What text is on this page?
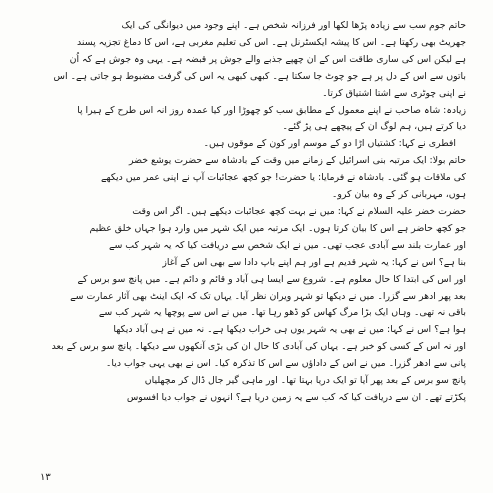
حاتم جوم سب سے زیادہ پڑھا لکھا اور فرزانہ شخص ہے۔ اپنے وجود میں دیوانگی کی ایک
جھریٹ بھی رکھتا ہے۔ اس کا پیشہ ایکسٹرنل ہے۔ اس کی تعلیم مغربی ہے، اس کا دماغ تجزیہ پسند
ہے لیکن اس کی ساری طاقت اس کے ان چھپے جذبے والے جوش پر قبضہ ہے۔ یہی وہ جوش ہے کہ اُن
باتوں سے اس کے دل پر ہے جو چوٹ جا سکتا ہے۔ کبھی کبھی یہ اس کی گرفت مضبوط ہو جاتی ہے۔ اس
نے اپنی چوٹری سے اشتا اشتیاق کرتا۔
زیادہ: شاہ صاحب نے اپنے معمول کے مطابق سب کو چھوڑا اور کیا عمدہ روز انہ اس طرح کے ہیرا پا
دیا کرتے ہیں، ہم لوگ ان کے پیچھے ہی پڑ گئے۔
افطری نے کہا: کشتیاں اڑا دو کے موسم اور کون کے موقوں ہیں۔
حاتم بولا: ایک مرتبہ بنی اسرائیل کے زمانے میں وقت کے بادشاہ سے حضرت یوشع خضر
کی ملاقات ہو گئی۔ بادشاہ نے فرمایا: یا حضرت! جو کچھ عجائبات آپ نے اپنی عمر میں دیکھے
ہوں، مہربانی کر کے وہ بیان کرو۔
حضرت خضر علیہ السلام نے کہا: میں نے بہت کچھ عجائبات دیکھے ہیں۔ اگر اس وقت
جو کچھ حاضر ہے اس کا بیان کرتا ہوں۔ ایک مرتبہ میں ایک شہر میں وارد ہوا جہاں خلق عظیم
اور عمارت بلند سے آبادی عجب تھی۔ میں نے ایک شخص سے دریافت کیا کہ یہ شہر کب سے
بنا ہے؟ اس نے کہا: یہ شہر قدیم ہے اور ہم اپنے باپ دادا سے بھی اس کے آغاز
اور اس کی ابتدا کا حال معلوم ہے۔ شروع سے ایسا ہی آباد و قائم و دائم ہے۔ میں پانچ سو برس کے
بعد پھر ادھر سے گزرا۔ میں نے دیکھا تو شہر ویران نظر آیا۔ یہاں تک کہ ایک اینٹ بھی آثار عمارت سے
باقی نہ تھی۔ وہاں ایک بڑا مرگ کھاس کو ڈھو رہا تھا۔ میں نے اس سے پوچھا یہ شہر کب سے
ہوا ہے؟ اس نے کہا: میں نے بھی یہ شہر یوں ہی خراب دیکھا ہے۔ نہ میں نے ہی آباد دیکھا
اور نہ اس کے کسی کو خبر ہے۔ یہاں کی آبادی کا حال ان کی بڑی آنکھوں سے دیکھا۔ پانچ سو برس کے بعد
پانی سے ادھر گزرا۔ میں نے اس کے داداؤں سے اس کا تذکرہ کیا۔ اس نے بھی یہی جواب دیا۔
پانچ سو برس کے بعد پھر آیا تو ایک دریا بہتا تھا۔ اور ماہی گیر جال ڈال کر مچھلیاں
پکڑتے تھے۔ ان سے دریافت کیا کہ کب سے یہ زمین دریا ہے؟ انہوں نے جواب دیا افسوس
۱۳
